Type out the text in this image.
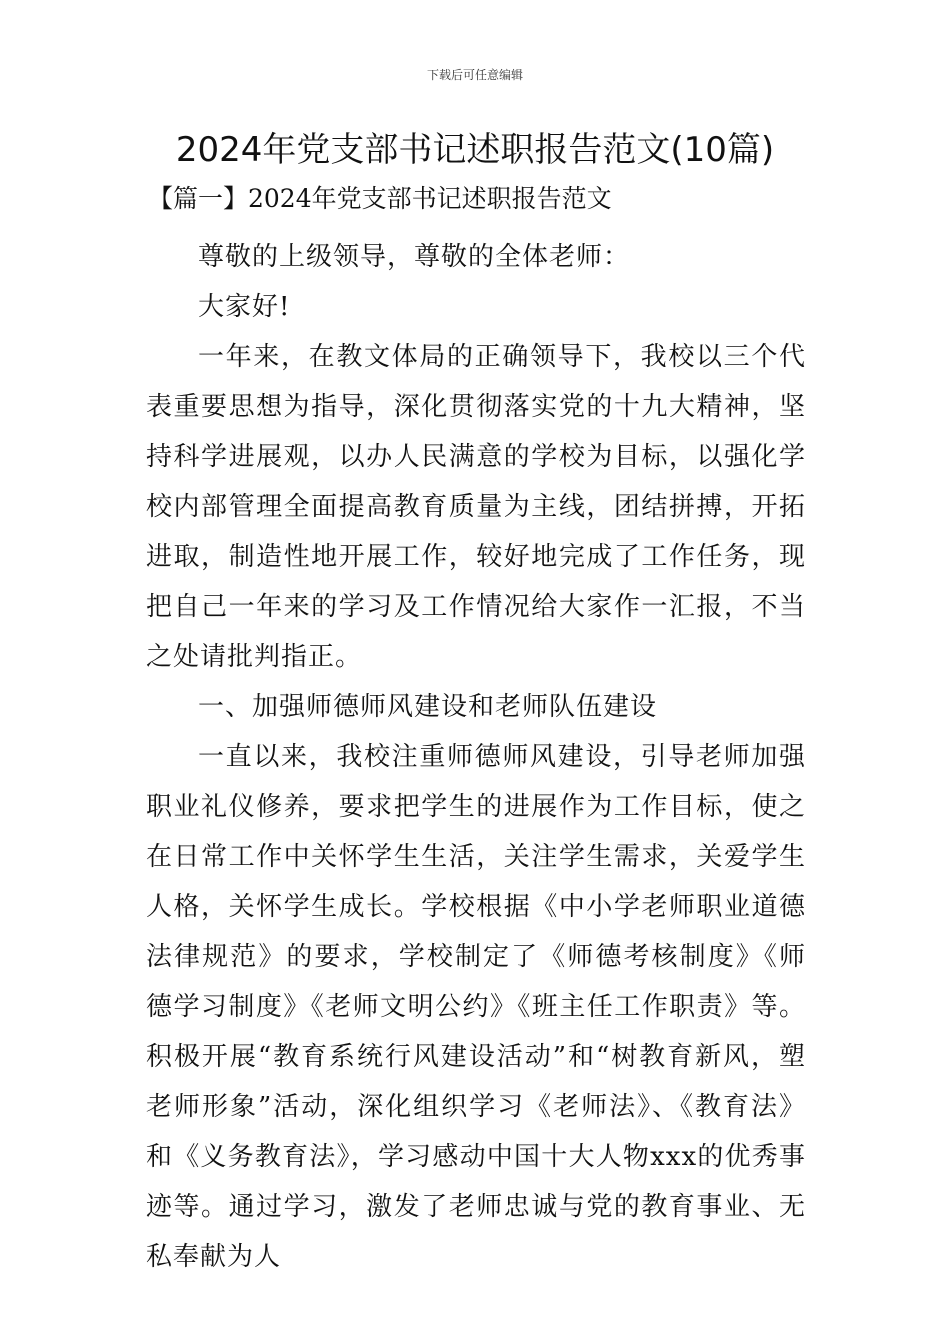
下载后可任意编辑
2024年党支部书记述职报告范文(10篇)
【篇一】2024年党支部书记述职报告范文

尊敬的上级领导，尊敬的全体老师：

大家好!

一年来，在教文体局的正确领导下，我校以三个代表重要思想为指导，深化贯彻落实党的十九大精神，坚持科学进展观，以办人民满意的学校为目标，以强化学校内部管理全面提高教育质量为主线，团结拼搏，开拓进取，制造性地开展工作，较好地完成了工作任务，现把自己一年来的学习及工作情况给大家作一汇报，不当之处请批判指正。

一、加强师德师风建设和老师队伍建设

一直以来，我校注重师德师风建设，引导老师加强职业礼仪修养，要求把学生的进展作为工作目标，使之在日常工作中关怀学生生活，关注学生需求，关爱学生人格，关怀学生成长。学校根据《中小学老师职业道德法律规范》的要求，学校制定了《师德考核制度》《师德学习制度》《老师文明公约》《班主任工作职责》等。积极开展“教育系统行风建设活动”和“树教育新风，塑老师形象”活动，深化组织学习《老师法》、《教育法》和《义务教育法》，学习感动中国十大人物xxx的优秀事迹等。通过学习，激发了老师忠诚与党的教育事业、无私奉献为人
